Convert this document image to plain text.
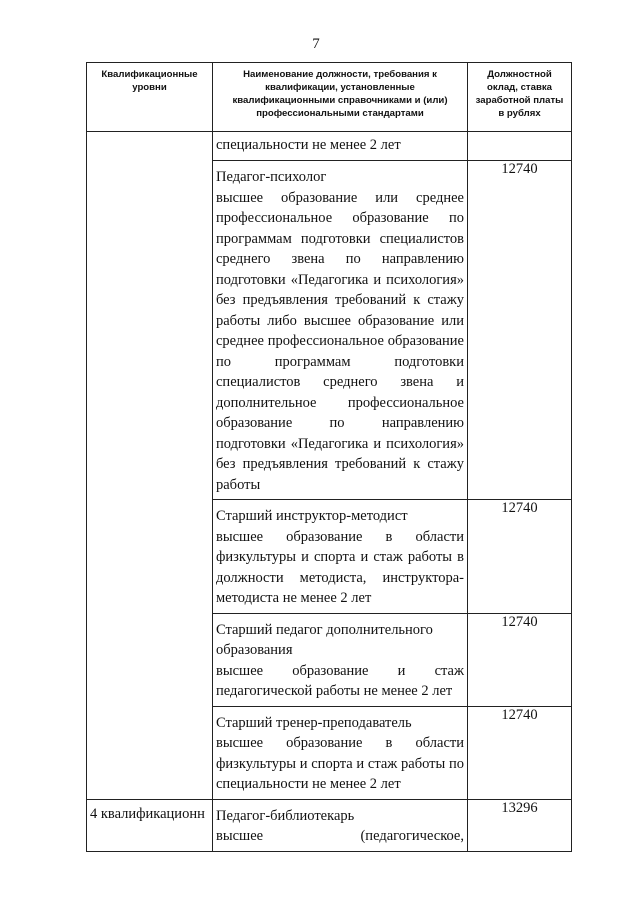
7
Квалификационные уровни	Наименование должности, требования к квалификации, установленные квалификационными справочниками и (или) профессиональными стандартами	Должностной оклад, ставка заработной платы в рублях
	специальности не менее 2 лет	

	Педагог-психолог
высшее образование или среднее профессиональное образование по программам подготовки специалистов среднего звена по направлению подготовки «Педагогика и психология» без предъявления требований к стажу работы либо высшее образование или среднее профессиональное образование по программам подготовки специалистов среднего звена и дополнительное профессиональное образование по направлению подготовки «Педагогика и психология» без предъявления требований к стажу работы	12740

	Старший инструктор-методист
высшее образование в области физкультуры и спорта и стаж работы в должности методиста, инструктора-методиста не менее 2 лет	12740

	Старший педагог дополнительного образования
высшее образование и стаж педагогической работы не менее 2 лет	12740

	Старший тренер-преподаватель
высшее образование в области физкультуры и спорта и стаж работы по специальности не менее 2 лет	12740
4 квалификационн	Педагог-библиотекарь
высшее (педагогическое,	13296
